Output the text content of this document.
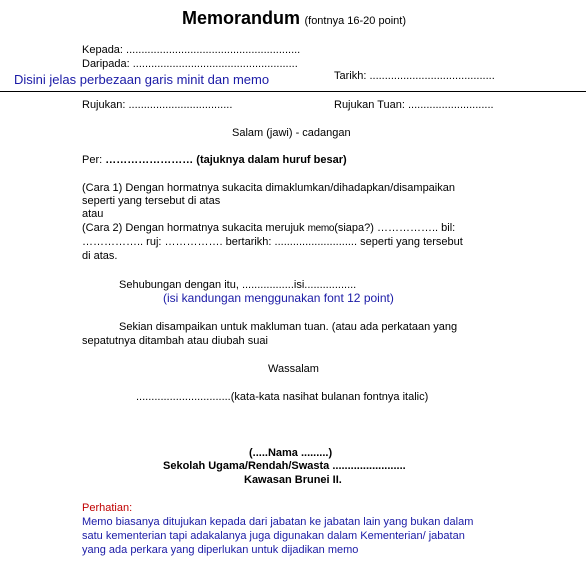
Memorandum (fontnya 16-20 point)
Kepada: .........................................................
Daripada: ......................................................
Disini jelas perbezaan garis minit dan memo	Tarikh: .........................................
Rujukan: ..................................	Rujukan Tuan: ............................
Salam (jawi) - cadangan
Per: …………………… (tajuknya dalam huruf besar)
(Cara 1) Dengan hormatnya sukacita dimaklumkan/dihadapkan/disampaikan
seperti yang tersebut di atas
atau
(Cara 2) Dengan hormatnya sukacita merujuk memo(siapa?) …………….. bil:
…………….. ruj: ……………. bertarikh: ........................... seperti yang tersebut
di atas.
Sehubungan dengan itu, .................isi.................
(isi kandungan menggunakan font 12 point)
Sekian disampaikan untuk makluman tuan. (atau ada perkataan yang
sepatutnya ditambah atau diubah suai
Wassalam
...............................(kata-kata nasihat bulanan fontnya italic)
(.....Nama .........)
Sekolah Ugama/Rendah/Swasta ........................
Kawasan Brunei II.
Perhatian:
Memo biasanya ditujukan kepada dari jabatan ke jabatan lain yang bukan dalam
satu kementerian tapi adakalanya juga digunakan dalam Kementerian/ jabatan
yang ada perkara yang diperlukan untuk dijadikan memo
